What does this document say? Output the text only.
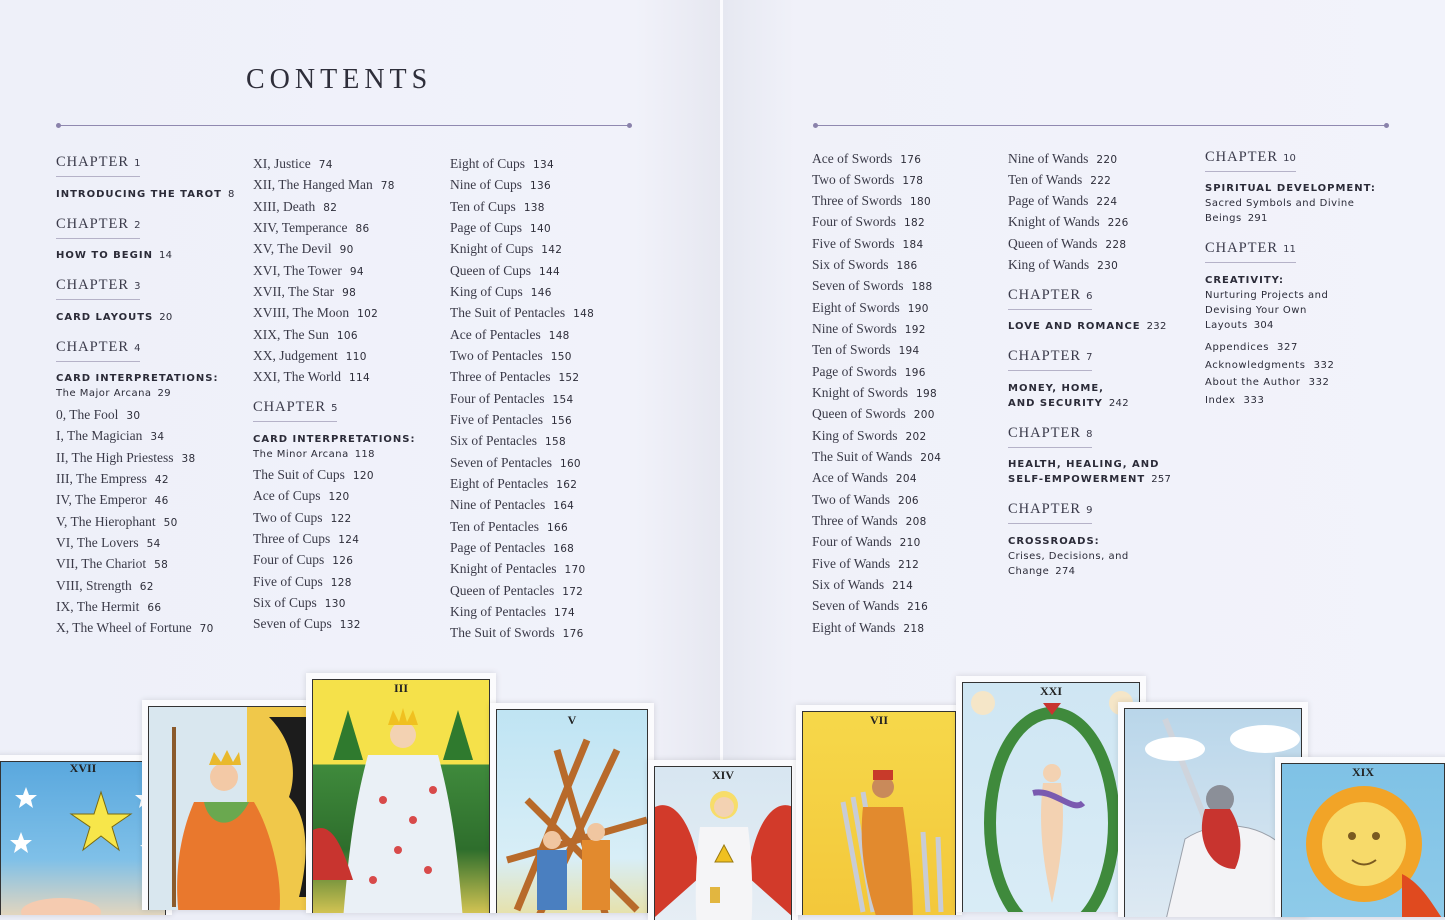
CONTENTS
CHAPTER 1
INTRODUCING THE TAROT 8
CHAPTER 2
HOW TO BEGIN 14
CHAPTER 3
CARD LAYOUTS 20
CHAPTER 4
CARD INTERPRETATIONS:
The Major Arcana 29
0, The Fool 30
I, The Magician 34
II, The High Priestess 38
III, The Empress 42
IV, The Emperor 46
V, The Hierophant 50
VI, The Lovers 54
VII, The Chariot 58
VIII, Strength 62
IX, The Hermit 66
X, The Wheel of Fortune 70
XI, Justice 74
XII, The Hanged Man 78
XIII, Death 82
XIV, Temperance 86
XV, The Devil 90
XVI, The Tower 94
XVII, The Star 98
XVIII, The Moon 102
XIX, The Sun 106
XX, Judgement 110
XXI, The World 114
CHAPTER 5
CARD INTERPRETATIONS:
The Minor Arcana 118
The Suit of Cups 120
Ace of Cups 120
Two of Cups 122
Three of Cups 124
Four of Cups 126
Five of Cups 128
Six of Cups 130
Seven of Cups 132
Eight of Cups 134
Nine of Cups 136
Ten of Cups 138
Page of Cups 140
Knight of Cups 142
Queen of Cups 144
King of Cups 146
The Suit of Pentacles 148
Ace of Pentacles 148
Two of Pentacles 150
Three of Pentacles 152
Four of Pentacles 154
Five of Pentacles 156
Six of Pentacles 158
Seven of Pentacles 160
Eight of Pentacles 162
Nine of Pentacles 164
Ten of Pentacles 166
Page of Pentacles 168
Knight of Pentacles 170
Queen of Pentacles 172
King of Pentacles 174
The Suit of Swords 176
Ace of Swords 176
Two of Swords 178
Three of Swords 180
Four of Swords 182
Five of Swords 184
Six of Swords 186
Seven of Swords 188
Eight of Swords 190
Nine of Swords 192
Ten of Swords 194
Page of Swords 196
Knight of Swords 198
Queen of Swords 200
King of Swords 202
The Suit of Wands 204
Ace of Wands 204
Two of Wands 206
Three of Wands 208
Four of Wands 210
Five of Wands 212
Six of Wands 214
Seven of Wands 216
Eight of Wands 218
Nine of Wands 220
Ten of Wands 222
Page of Wands 224
Knight of Wands 226
Queen of Wands 228
King of Wands 230
CHAPTER 6
LOVE AND ROMANCE 232
CHAPTER 7
MONEY, HOME,
AND SECURITY 242
CHAPTER 8
HEALTH, HEALING, AND
SELF-EMPOWERMENT 257
CHAPTER 9
CROSSROADS:
Crises, Decisions, and
Change 274
CHAPTER 10
SPIRITUAL DEVELOPMENT:
Sacred Symbols and Divine
Beings 291
CHAPTER 11
CREATIVITY:
Nurturing Projects and
Devising Your Own
Layouts 304
Appendices 327
Acknowledgments 332
About the Author 332
Index 333
XVII
III
V
XIV
VII
XXI
XIX
